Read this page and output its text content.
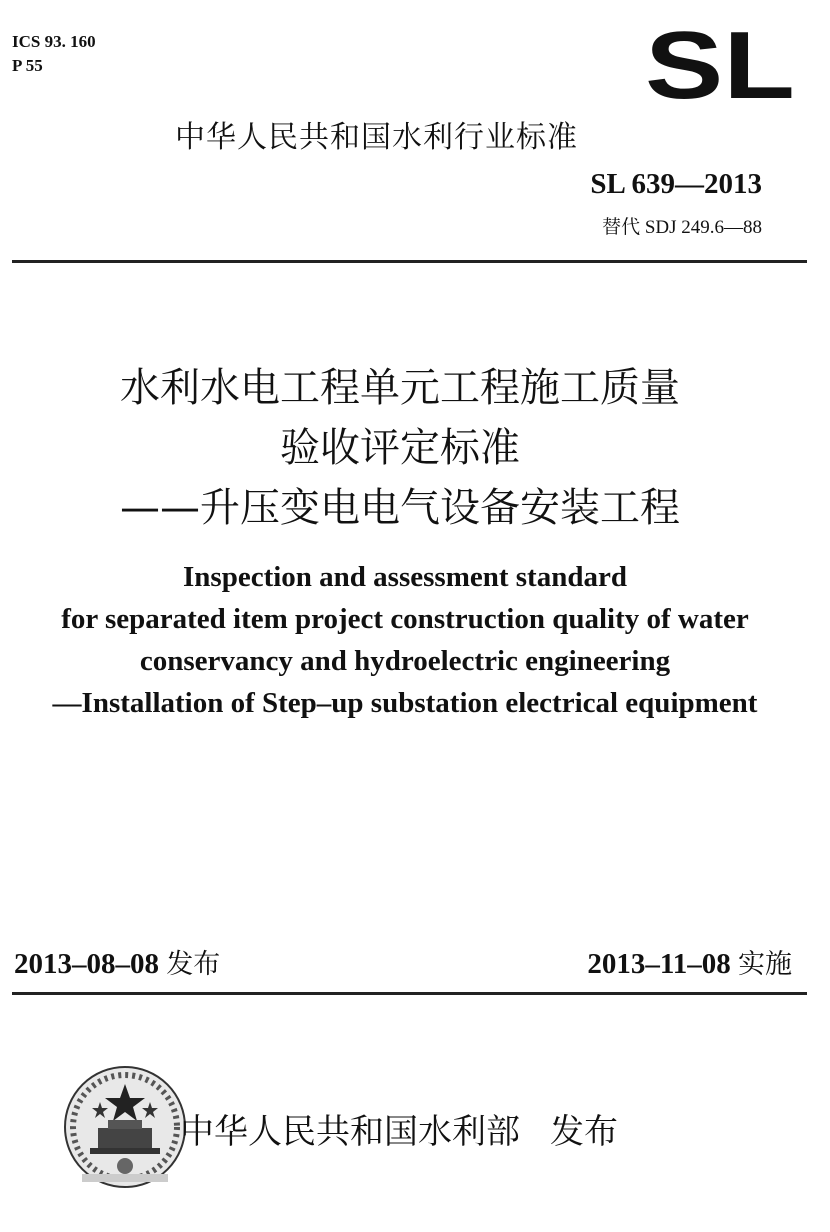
ICS 93. 160
P 55	SL
中华人民共和国水利行业标准
SL 639—2013
替代 SDJ 249.6—88
水利水电工程单元工程施工质量
验收评定标准
——升压变电电气设备安装工程
Inspection and assessment standard
for separated item project construction quality of water
conservancy and hydroelectric engineering
—Installation of Step–up substation electrical equipment
2013–08–08 发布	2013–11–08 实施
中华人民共和国水利部 发布
